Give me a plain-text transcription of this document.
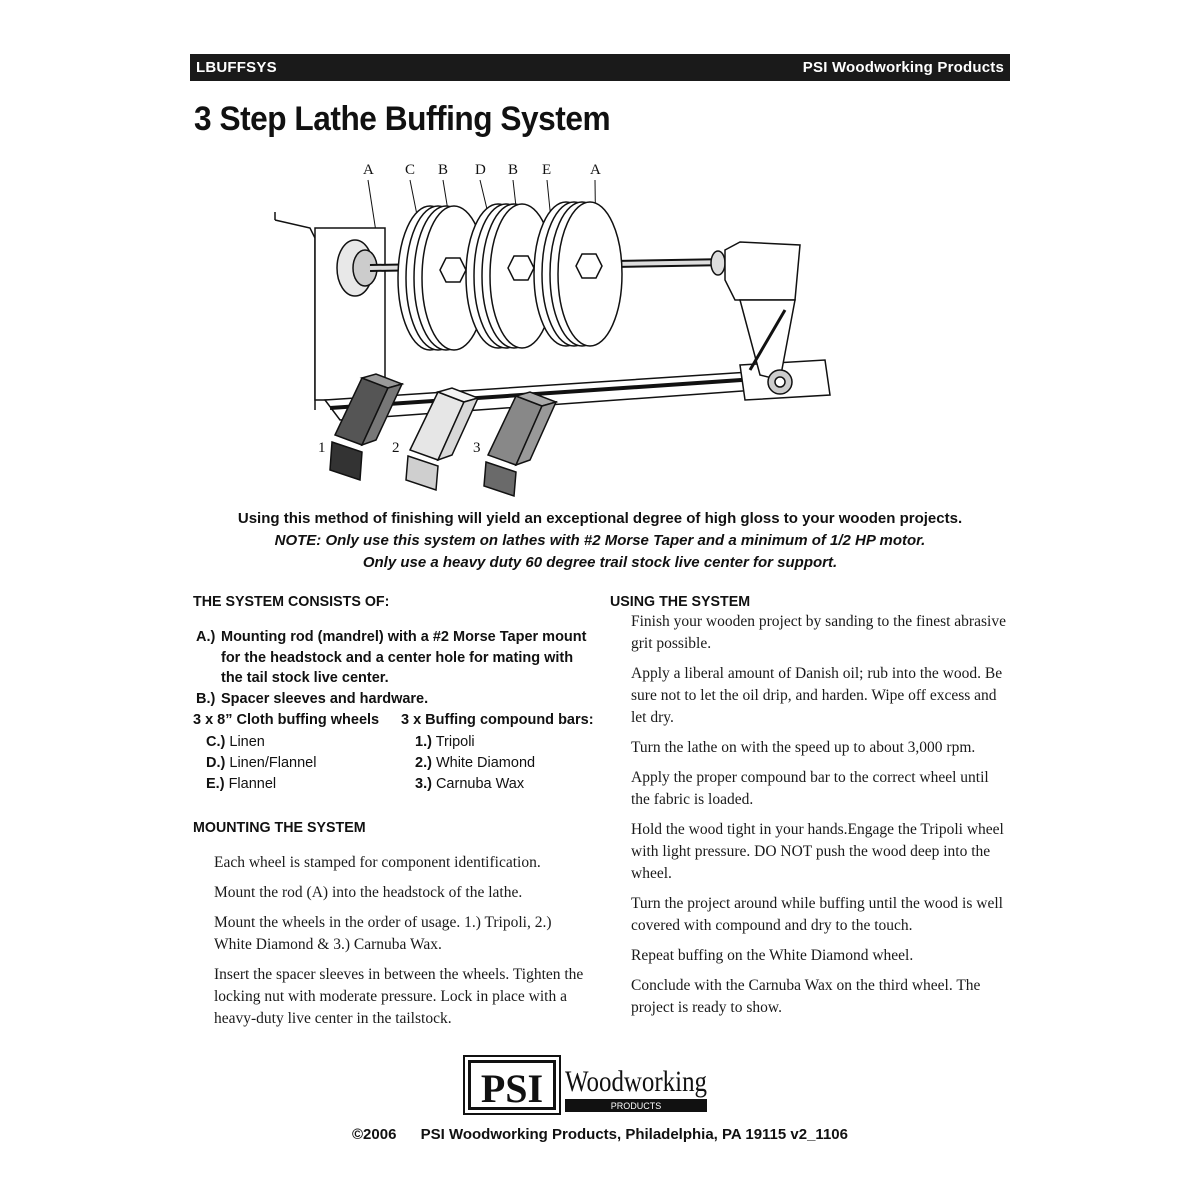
LBUFFSYS	PSI Woodworking Products
3 Step Lathe Buffing System
A C B D B E	A
1	2	3

Using this method of finishing will yield an exceptional degree of high gloss to your wooden projects.

NOTE: Only use this system on lathes with #2 Morse Taper and a minimum of 1/2 HP motor.

Only use a heavy duty 60 degree trail stock live center for support.

THE SYSTEM CONSISTS OF:
A.) Mounting rod (mandrel) with a #2 Morse Taper mount for the headstock and a center hole for mating with the tail stock live center.
B.) Spacer sleeves and hardware.
3 x 8” Cloth buffing wheels
C.) Linen
D.) Linen/Flannel
E.) Flannel
3 x Buffing compound bars:
1.) Tripoli
2.) White Diamond
3.) Carnuba Wax
MOUNTING THE SYSTEM

Each wheel is stamped for component identification.

Mount the rod (A) into the headstock of the lathe.

Mount the wheels in the order of usage. 1.) Tripoli, 2.) White Diamond & 3.) Carnuba Wax.

Insert the spacer sleeves in between the wheels. Tighten the locking nut with moderate pressure. Lock in place with a heavy-duty live center in the tailstock.

USING THE SYSTEM

Finish your wooden project by sanding to the finest abrasive grit possible.

Apply a liberal amount of Danish oil; rub into the wood. Be sure not to let the oil drip, and harden. Wipe off excess and let dry.

Turn the lathe on with the speed up to about 3,000 rpm.

Apply the proper compound bar to the correct wheel until the fabric is loaded.

Hold the wood tight in your hands.Engage the Tripoli wheel with light pressure. DO NOT push the wood deep into the wheel.

Turn the project around while buffing until the wood is well covered with compound and dry to the touch.

Repeat buffing on the White Diamond wheel.

Conclude with the Carnuba Wax on the third wheel. The project is ready to show.

PSI Woodworking
PRODUCTS
©2006 PSI Woodworking Products, Philadelphia, PA 19115 v2_1106
